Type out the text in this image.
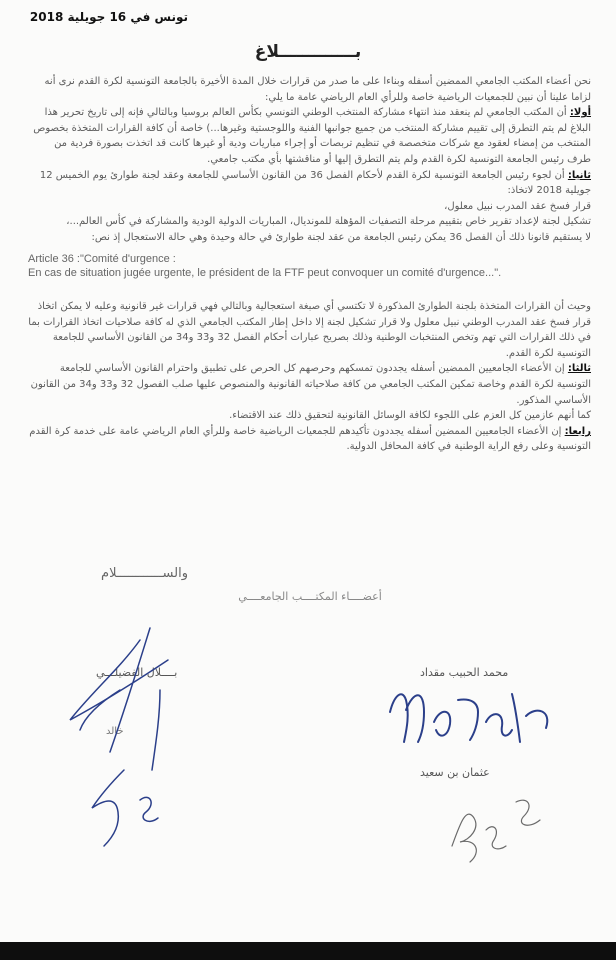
تونس في 16 جويلية 2018
بـــــــــــــلاغ

نحن أعضاء المكتب الجامعي الممضين أسفله وبناءا على ما صدر من قرارات خلال المدة الأخيرة بالجامعة التونسية لكرة القدم نرى أنه لزاما علينا أن نبين للجمعيات الرياضية خاصة وللرأي العام الرياضي عامة ما يلي:

أولا: أن المكتب الجامعي لم ينعقد منذ انتهاء مشاركة المنتخب الوطني التونسي بكأس العالم بروسيا وبالتالي فإنه إلى تاريخ تحرير هذا البلاغ لم يتم التطرق إلى تقييم مشاركة المنتخب من جميع جوانبها الفنية واللوجستية وغيرها...) خاصة أن كافة القرارات المتخذة بخصوص المنتخب من إمضاء لعقود مع شركات متخصصة في تنظيم تربصات أو إجراء مباريات ودية أو غيرها كانت قد اتخذت بصورة فردية من طرف رئيس الجامعة التونسية لكرة القدم ولم يتم التطرق إليها أو مناقشتها بأي مكتب جامعي.

ثانيا: أن لجوء رئيس الجامعة التونسية لكرة القدم لأحكام الفصل 36 من القانون الأساسي للجامعة وعقد لجنة طوارئ يوم الخميس 12 جويلية 2018 لاتخاذ:

قرار فسخ عقد المدرب نبيل معلول،

تشكيل لجنة لإعداد تقرير خاص بتقييم مرحلة التصفيات المؤهلة للمونديال، المباريات الدولية الودية والمشاركة في كأس العالم...،

لا يستقيم قانونا ذلك أن الفصل 36 يمكن رئيس الجامعة من عقد لجنة طوارئ في حالة وحيدة وهي حالة الاستعجال إذ نص:

Article 36 :"Comité d'urgence :

En cas de situation jugée urgente, le président de la FTF peut convoquer un comité d'urgence...".

وحيث أن القرارات المتخذة بلجنة الطوارئ المذكورة لا تكتسي أي صبغة استعجالية وبالتالي فهي قرارات غير قانونية وعليه لا يمكن اتخاذ قرار فسخ عقد المدرب الوطني نبيل معلول ولا قرار تشكيل لجنة إلا داخل إطار المكتب الجامعي الذي له كافة صلاحيات اتخاذ القرارات بما في ذلك القرارات التي تهم وتخص المنتخبات الوطنية وذلك بصريح عبارات أحكام الفصل 32 و33 و34 من القانون الأساسي للجامعة التونسية لكرة القدم.

ثالثا: إن الأعضاء الجامعيين الممضين أسفله يجددون تمسكهم وحرصهم كل الحرص على تطبيق واحترام القانون الأساسي للجامعة التونسية لكرة القدم وخاصة تمكين المكتب الجامعي من كافة صلاحياته القانونية والمنصوص عليها صلب الفصول 32 و33 و34 من القانون الأساسي المذكور.

كما أنهم عازمين كل العزم على اللجوء لكافة الوسائل القانونية لتحقيق ذلك عند الاقتضاء.

رابعا: إن الأعضاء الجامعيين الممضين أسفله يجددون تأكيدهم للجمعيات الرياضية خاصة وللرأي العام الرياضي عامة على خدمة كرة القدم التونسية وعلى رفع الراية الوطنية في كافة المحافل الدولية.

والســــــــــــلام
أعضــــاء المكتــــب الجامعــــي
بــــلال الفضيلـــي	محمد الحبيب مقداد
خالد
عثمان بن سعيد
